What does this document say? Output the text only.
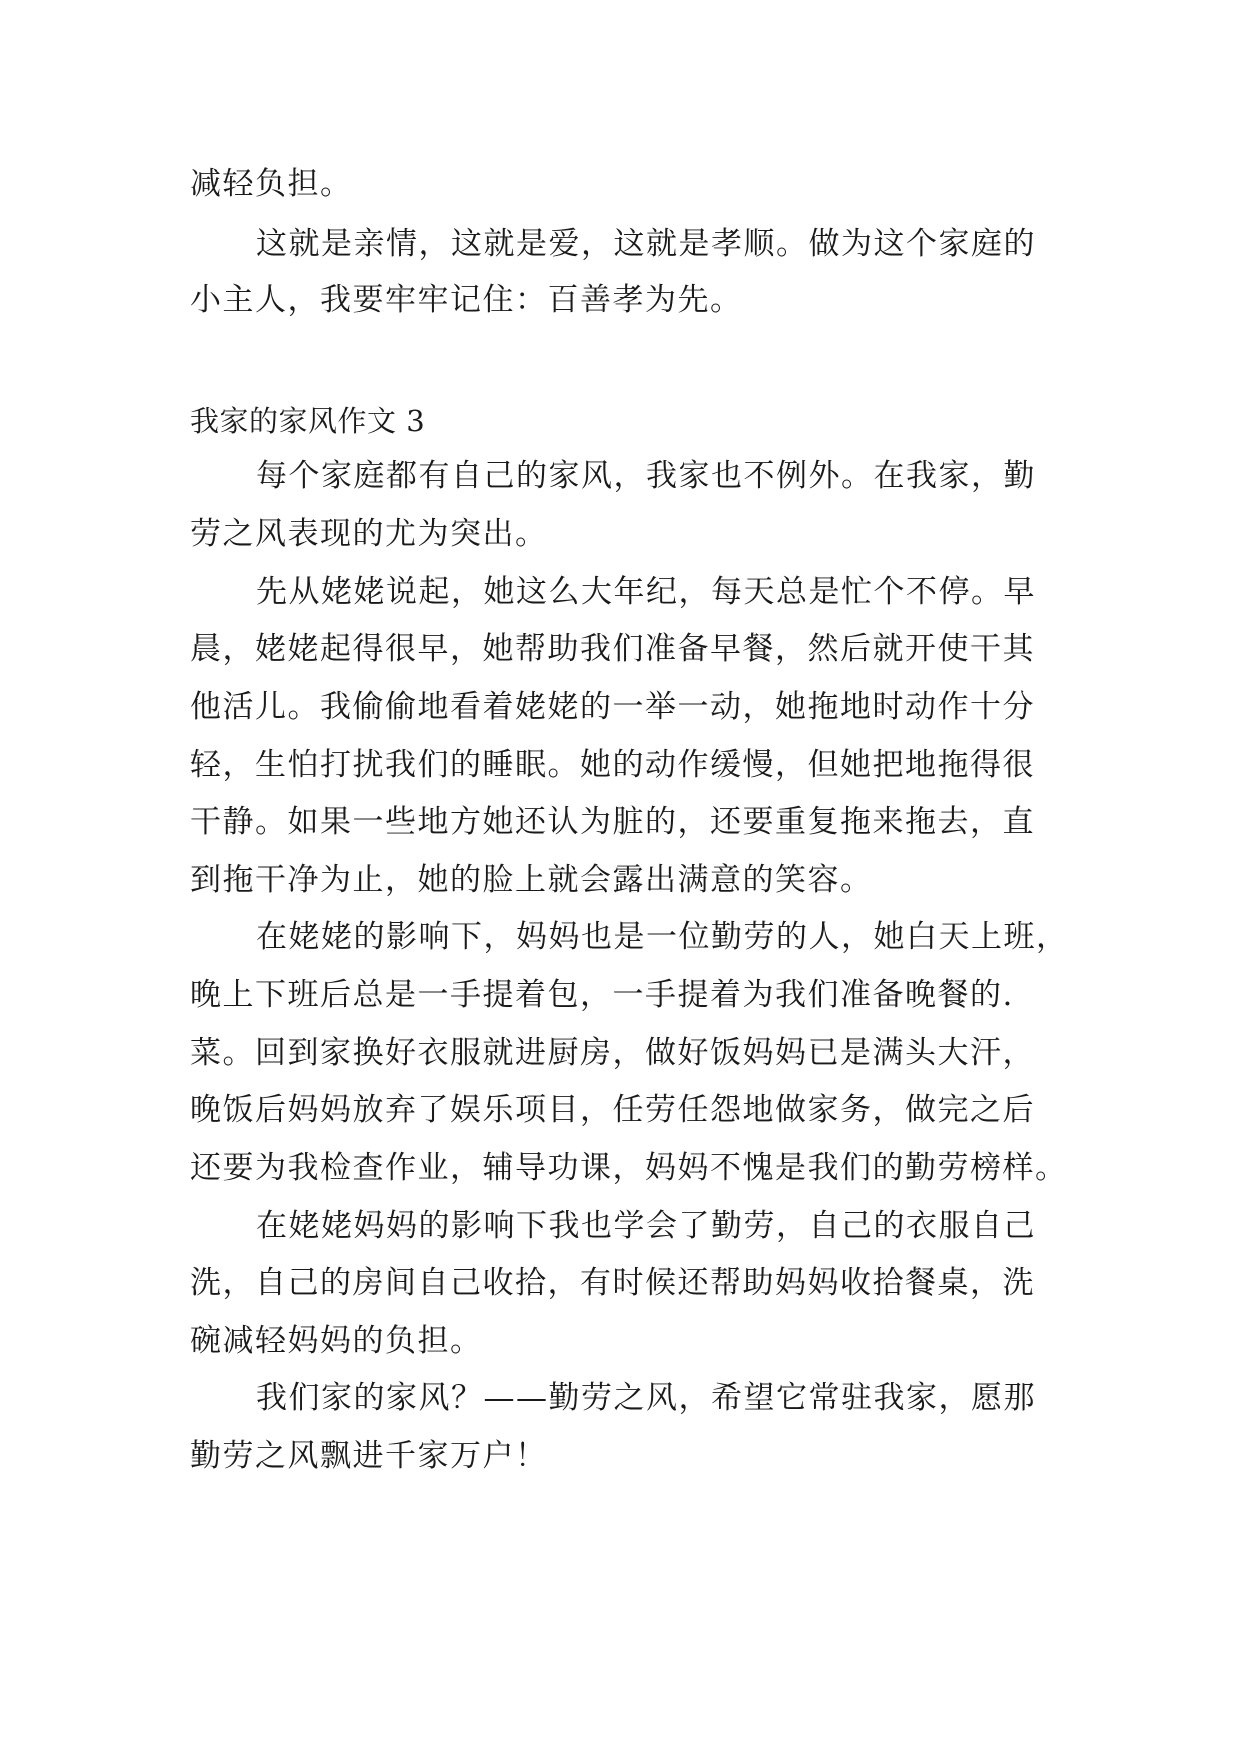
减轻负担。
这就是亲情，这就是爱，这就是孝顺。做为这个家庭的
小主人，我要牢牢记住：百善孝为先。
我家的家风作文 3
每个家庭都有自己的家风，我家也不例外。在我家，勤
劳之风表现的尤为突出。
先从姥姥说起，她这么大年纪，每天总是忙个不停。早
晨，姥姥起得很早，她帮助我们准备早餐，然后就开使干其
他活儿。我偷偷地看着姥姥的一举一动，她拖地时动作十分
轻，生怕打扰我们的睡眠。她的动作缓慢，但她把地拖得很
干静。如果一些地方她还认为脏的，还要重复拖来拖去，直
到拖干净为止，她的脸上就会露出满意的笑容。
在姥姥的影响下，妈妈也是一位勤劳的人，她白天上班，
晚上下班后总是一手提着包，一手提着为我们准备晚餐的.
菜。回到家换好衣服就进厨房，做好饭妈妈已是满头大汗，
晚饭后妈妈放弃了娱乐项目，任劳任怨地做家务，做完之后
还要为我检查作业，辅导功课，妈妈不愧是我们的勤劳榜样。
在姥姥妈妈的影响下我也学会了勤劳，自己的衣服自己
洗，自己的房间自己收拾，有时候还帮助妈妈收拾餐桌，洗
碗减轻妈妈的负担。
我们家的家风？——勤劳之风，希望它常驻我家，愿那
勤劳之风飘进千家万户！
